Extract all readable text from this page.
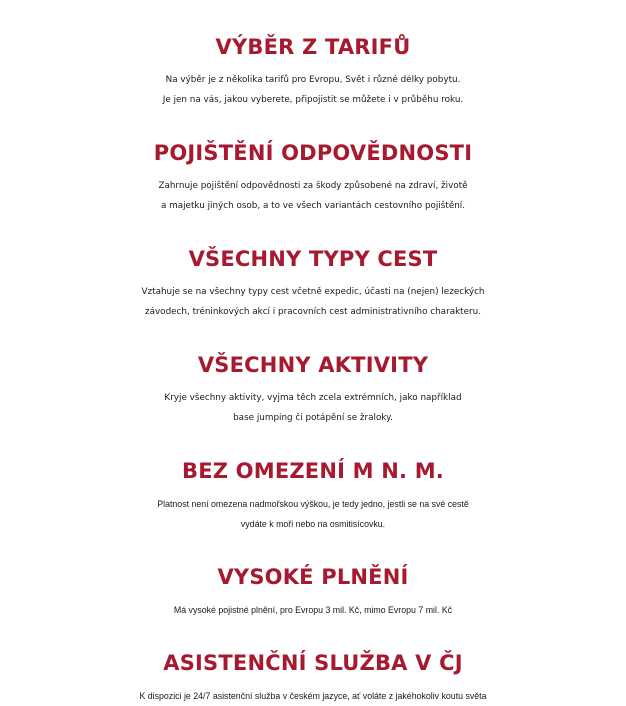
VÝBĚR Z TARIFŮ

Na výběr je z několika tarifů pro Evropu, Svět i různé délky pobytu.
Je jen na vás, jakou vyberete, připojistit se můžete i v průběhu roku.

POJIŠTĚNÍ ODPOVĚDNOSTI

Zahrnuje pojištění odpovědnosti za škody způsobené na zdraví, životě
a majetku jiných osob, a to ve všech variantách cestovního pojištění.

VŠECHNY TYPY CEST

Vztahuje se na všechny typy cest včetně expedic, účasti na (nejen) lezeckých
závodech, tréninkových akcí i pracovních cest administrativního charakteru.

VŠECHNY AKTIVITY

Kryje všechny aktivity, vyjma těch zcela extrémních, jako například
base jumping či potápění se žraloky.

BEZ OMEZENÍ M N. M.

Platnost není omezena nadmořskou výškou, je tedy jedno, jestli se na své cestě
vydáte k moři nebo na osmitisícovku.

VYSOKÉ PLNĚNÍ

Má vysoké pojistné plnění, pro Evropu 3 mil. Kč, mimo Evropu 7 mil. Kč

ASISTENČNÍ SLUŽBA V ČJ

K dispozici je 24/7 asistenční služba v českém jazyce, ať voláte z jakéhokoliv koutu světa
